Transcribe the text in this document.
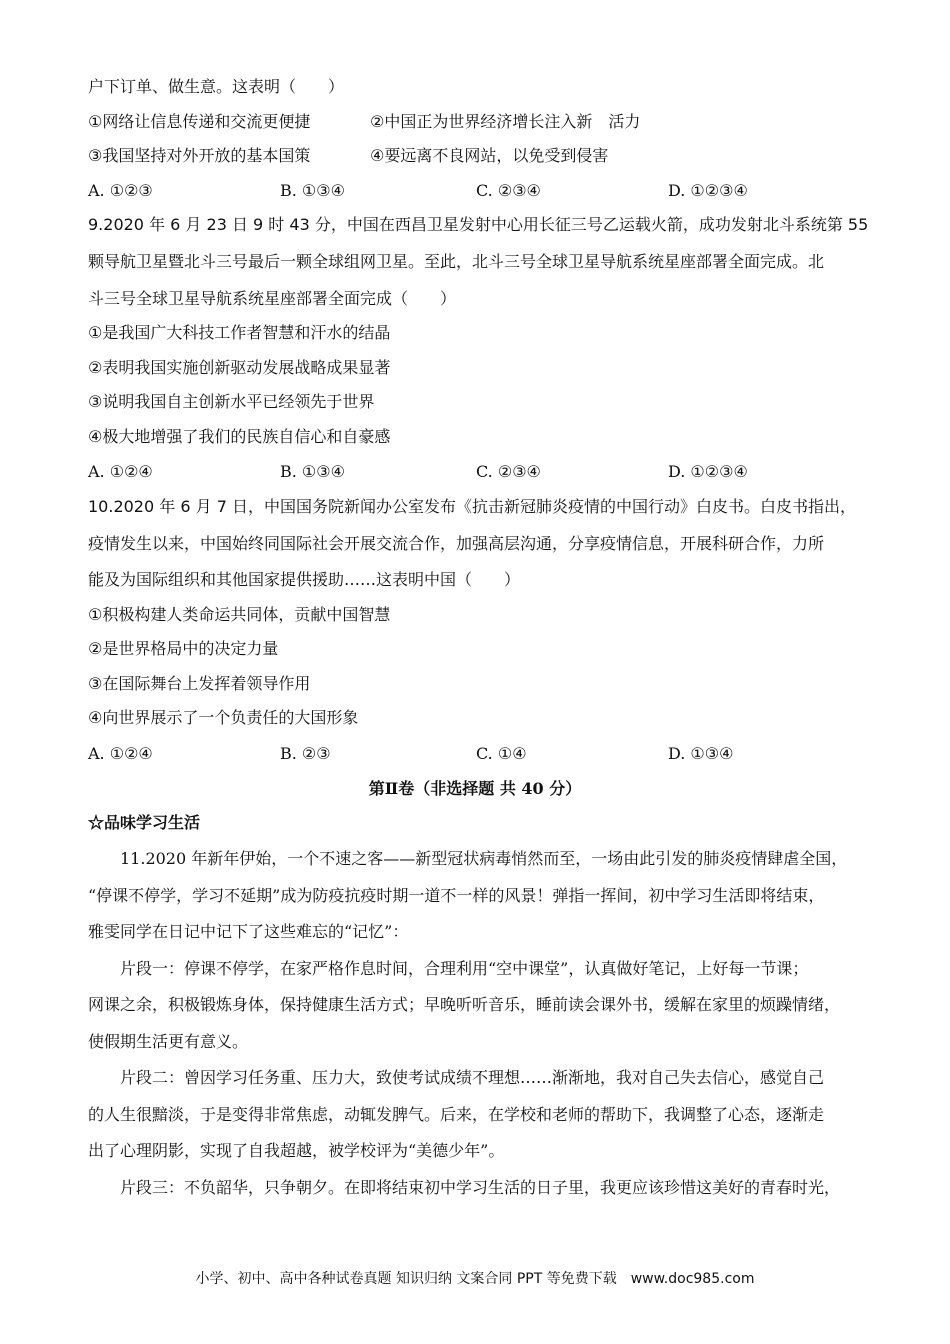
户下订单、做生意。这表明（　　）
①网络让信息传递和交流更便捷	②中国正为世界经济增长注入新　活力
③我国坚持对外开放的基本国策	④要远离不良网站，以免受到侵害
A. ①②③	B. ①③④	C. ②③④	D. ①②③④
9.2020 年 6 月 23 日 9 时 43 分，中国在西昌卫星发射中心用长征三号乙运载火箭，成功发射北斗系统第 55
颗导航卫星暨北斗三号最后一颗全球组网卫星。至此，北斗三号全球卫星导航系统星座部署全面完成。北
斗三号全球卫星导航系统星座部署全面完成（　　）
①是我国广大科技工作者智慧和汗水的结晶
②表明我国实施创新驱动发展战略成果显著
③说明我国自主创新水平已经领先于世界
④极大地增强了我们的民族自信心和自豪感
A. ①②④	B. ①③④	C. ②③④	D. ①②③④
10.2020 年 6 月 7 日，中国国务院新闻办公室发布《抗击新冠肺炎疫情的中国行动》白皮书。白皮书指出，
疫情发生以来，中国始终同国际社会开展交流合作，加强高层沟通，分享疫情信息，开展科研合作，力所
能及为国际组织和其他国家提供援助……这表明中国（　　）
①积极构建人类命运共同体，贡献中国智慧
②是世界格局中的决定力量
③在国际舞台上发挥着领导作用
④向世界展示了一个负责任的大国形象
A. ①②④	B. ②③	C. ①④	D. ①③④
第Ⅱ卷（非选择题 共 40 分）
☆品味学习生活
11.2020 年新年伊始，一个不速之客——新型冠状病毒悄然而至，一场由此引发的肺炎疫情肆虐全国，
“停课不停学，学习不延期”成为防疫抗疫时期一道不一样的风景！弹指一挥间，初中学习生活即将结束，
雅雯同学在日记中记下了这些难忘的“记忆”：
片段一：停课不停学，在家严格作息时间，合理利用“空中课堂”，认真做好笔记，上好每一节课；
网课之余，积极锻炼身体，保持健康生活方式；早晚听听音乐，睡前读会课外书，缓解在家里的烦躁情绪，
使假期生活更有意义。
片段二：曾因学习任务重、压力大，致使考试成绩不理想……渐渐地，我对自己失去信心，感觉自己
的人生很黯淡，于是变得非常焦虑，动辄发脾气。后来，在学校和老师的帮助下，我调整了心态，逐渐走
出了心理阴影，实现了自我超越，被学校评为“美德少年”。
片段三：不负韶华，只争朝夕。在即将结束初中学习生活的日子里，我更应该珍惜这美好的青春时光，
小学、初中、高中各种试卷真题 知识归纳 文案合同 PPT 等免费下载　www.doc985.com
